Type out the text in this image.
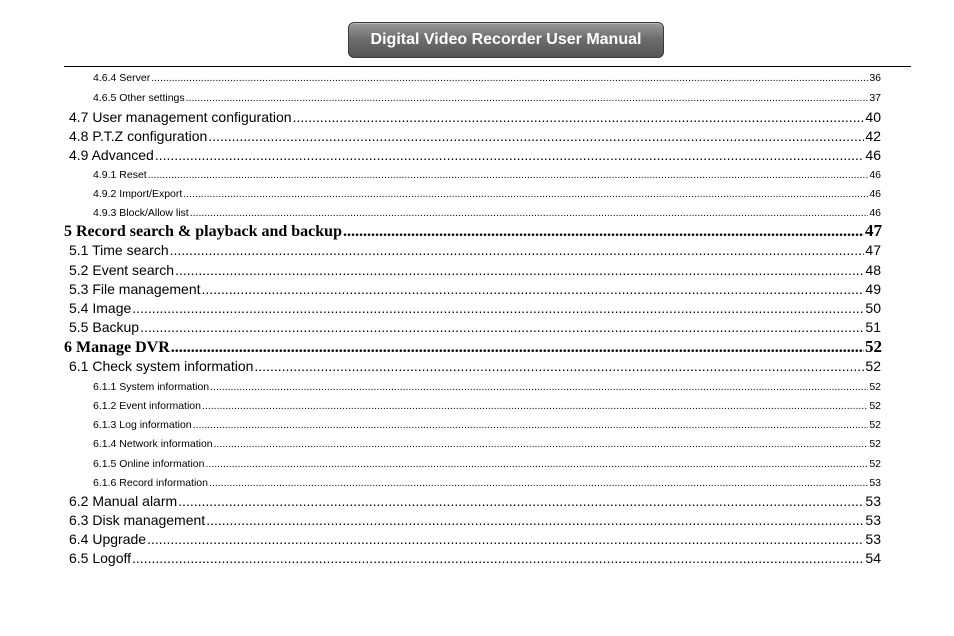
Digital Video Recorder User Manual
4.6.4 Server .....	36
4.6.5 Other settings .....	37
4.7 User management configuration .....	40
4.8 P.T.Z configuration .....	42
4.9 Advanced .....	46
4.9.1 Reset .....	46
4.9.2 Import/Export .....	46
4.9.3 Block/Allow list .....	46
5 Record search & playback and backup .....	47
5.1 Time search .....	47
5.2 Event search .....	48
5.3 File management .....	49
5.4 Image .....	50
5.5 Backup .....	51
6 Manage DVR .....	52
6.1 Check system information .....	52
6.1.1 System information .....	52
6.1.2 Event information .....	52
6.1.3 Log information .....	52
6.1.4 Network information .....	52
6.1.5 Online information .....	52
6.1.6 Record information .....	53
6.2 Manual alarm .....	53
6.3 Disk management .....	53
6.4 Upgrade .....	53
6.5 Logoff .....	54
